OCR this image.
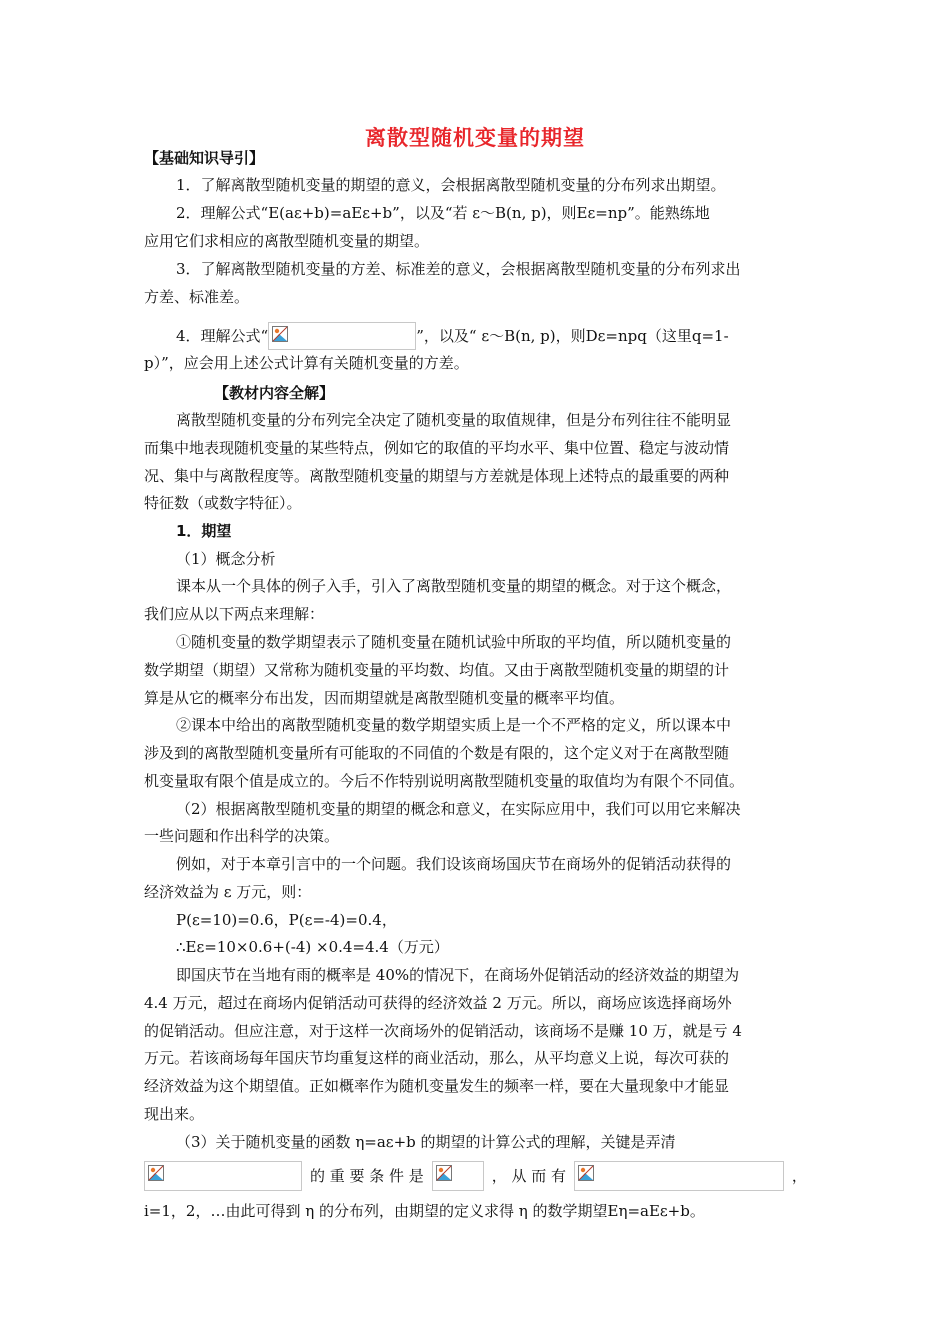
离散型随机变量的期望
【基础知识导引】
1．了解离散型随机变量的期望的意义，会根据离散型随机变量的分布列求出期望。
2．理解公式“E(aε+b)=aEε+b”，以及“若 ε～B(n, p)，则Eε=np”。能熟练地
应用它们求相应的离散型随机变量的期望。
3．了解离散型随机变量的方差、标准差的意义，会根据离散型随机变量的分布列求出
方差、标准差。
4．理解公式“	”，以及“ ε～B(n, p)，则Dε=npq（这里q=1-
p）”，应会用上述公式计算有关随机变量的方差。
【教材内容全解】
离散型随机变量的分布列完全决定了随机变量的取值规律，但是分布列往往不能明显
而集中地表现随机变量的某些特点，例如它的取值的平均水平、集中位置、稳定与波动情
况、集中与离散程度等。离散型随机变量的期望与方差就是体现上述特点的最重要的两种
特征数（或数字特征）。
1．期望
（1）概念分析
课本从一个具体的例子入手，引入了离散型随机变量的期望的概念。对于这个概念，
我们应从以下两点来理解：
①随机变量的数学期望表示了随机变量在随机试验中所取的平均值，所以随机变量的
数学期望（期望）又常称为随机变量的平均数、均值。又由于离散型随机变量的期望的计
算是从它的概率分布出发，因而期望就是离散型随机变量的概率平均值。
②课本中给出的离散型随机变量的数学期望实质上是一个不严格的定义，所以课本中
涉及到的离散型随机变量所有可能取的不同值的个数是有限的，这个定义对于在离散型随
机变量取有限个值是成立的。今后不作特别说明离散型随机变量的取值均为有限个不同值。
（2）根据离散型随机变量的期望的概念和意义，在实际应用中，我们可以用它来解决
一些问题和作出科学的决策。
例如，对于本章引言中的一个问题。我们设该商场国庆节在商场外的促销活动获得的
经济效益为 ε 万元，则：
P(ε=10)=0.6，P(ε=-4)=0.4，
∴Eε=10×0.6+(-4) ×0.4=4.4（万元）
即国庆节在当地有雨的概率是 40%的情况下，在商场外促销活动的经济效益的期望为
4.4 万元，超过在商场内促销活动可获得的经济效益 2 万元。所以，商场应该选择商场外
的促销活动。但应注意，对于这样一次商场外的促销活动，该商场不是赚 10 万，就是亏 4
万元。若该商场每年国庆节均重复这样的商业活动，那么，从平均意义上说，每次可获的
经济效益为这个期望值。正如概率作为随机变量发生的频率一样，要在大量现象中才能显
现出来。
（3）关于随机变量的函数 η=aε+b 的期望的计算公式的理解，关键是弄清
的 重 要 条 件 是	， 从 而 有	，
i=1，2，…由此可得到 η 的分布列，由期望的定义求得 η 的数学期望Eη=aEε+b。
